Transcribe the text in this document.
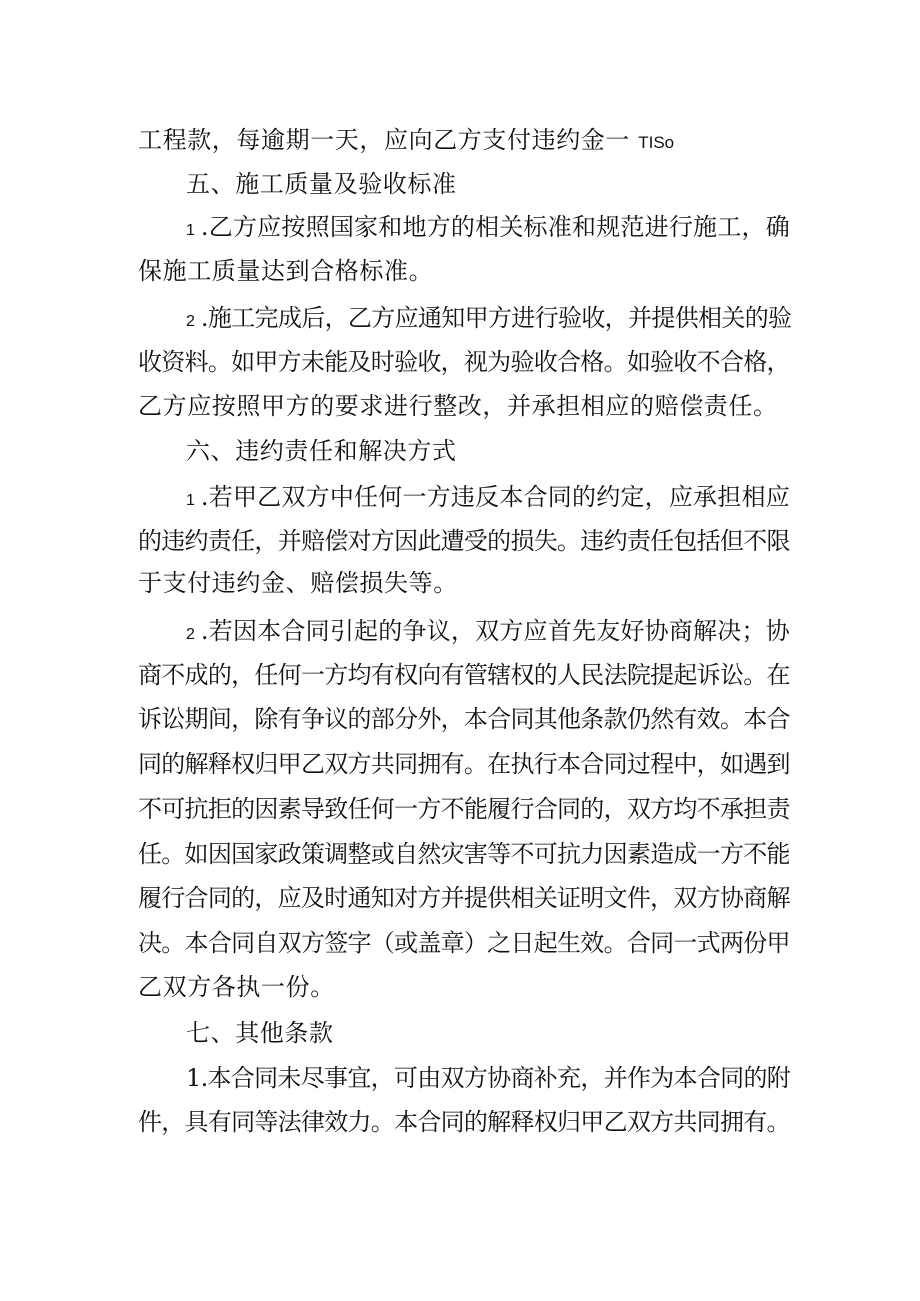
工程款，每逾期一天，应向乙方支付违约金一 TISo
五、施工质量及验收标准
1 .乙方应按照国家和地方的相关标准和规范进行施工，确
保施工质量达到合格标准。
2 .施工完成后，乙方应通知甲方进行验收，并提供相关的验
收资料。如甲方未能及时验收，视为验收合格。如验收不合格，
乙方应按照甲方的要求进行整改，并承担相应的赔偿责任。
六、违约责任和解决方式
1 .若甲乙双方中任何一方违反本合同的约定，应承担相应
的违约责任，并赔偿对方因此遭受的损失。违约责任包括但不限
于支付违约金、赔偿损失等。
2 .若因本合同引起的争议，双方应首先友好协商解决；协
商不成的，任何一方均有权向有管辖权的人民法院提起诉讼。在
诉讼期间，除有争议的部分外，本合同其他条款仍然有效。本合
同的解释权归甲乙双方共同拥有。在执行本合同过程中，如遇到
不可抗拒的因素导致任何一方不能履行合同的，双方均不承担责
任。如因国家政策调整或自然灾害等不可抗力因素造成一方不能
履行合同的，应及时通知对方并提供相关证明文件，双方协商解
决。本合同自双方签字（或盖章）之日起生效。合同一式两份甲
乙双方各执一份。
七、其他条款
1.本合同未尽事宜，可由双方协商补充，并作为本合同的附
件，具有同等法律效力。本合同的解释权归甲乙双方共同拥有。
